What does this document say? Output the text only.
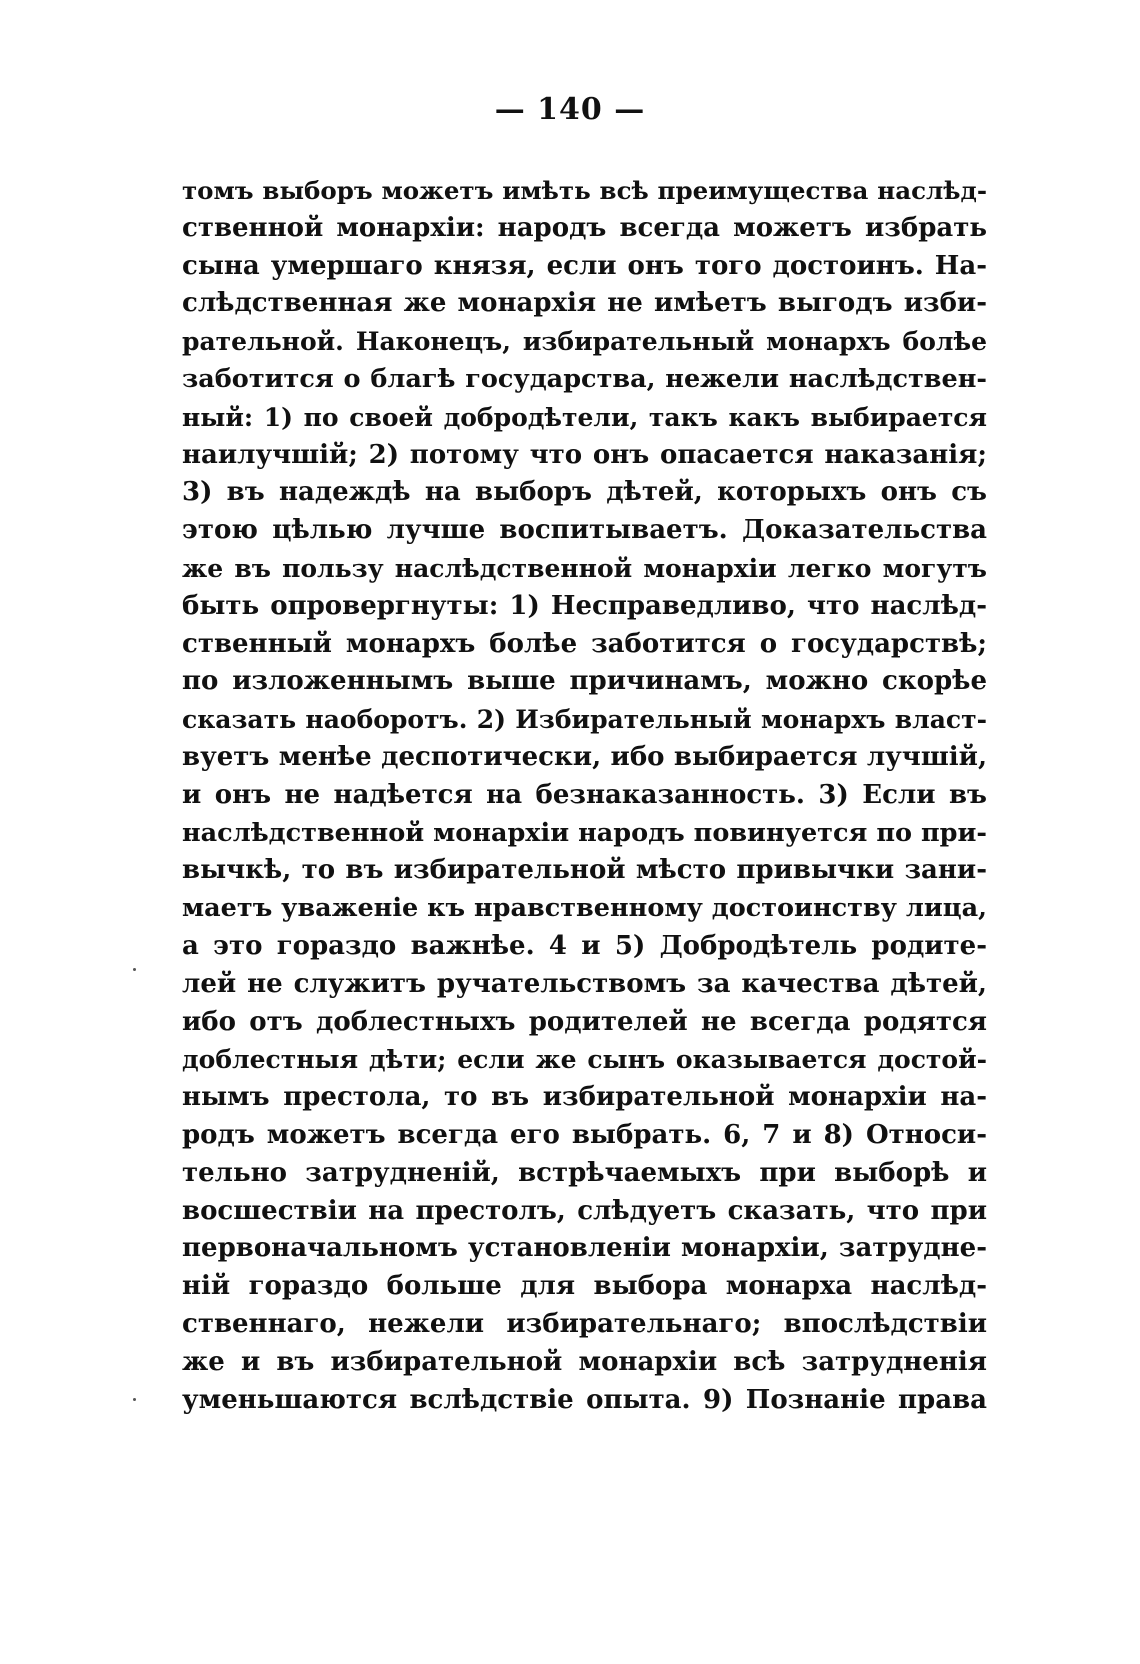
— 140 —
томъ выборъ можетъ имѣть всѣ преимущества наслѣд-
ственной монархіи: народъ всегда можетъ избрать
сына умершаго князя, если онъ того достоинъ. На-
слѣдственная же монархія не имѣетъ выгодъ изби-
рательной. Наконецъ, избирательный монархъ болѣе
заботится о благѣ государства, нежели наслѣдствен-
ный: 1) по своей добродѣтели, такъ какъ выбирается
наилучшій; 2) потому что онъ опасается наказанія;
3) въ надеждѣ на выборъ дѣтей, которыхъ онъ съ
этою цѣлью лучше воспитываетъ. Доказательства
же въ пользу наслѣдственной монархіи легко могутъ
быть опровергнуты: 1) Несправедливо, что наслѣд-
ственный монархъ болѣе заботится о государствѣ;
по изложеннымъ выше причинамъ, можно скорѣе
сказать наоборотъ. 2) Избирательный монархъ власт-
вуетъ менѣе деспотически, ибо выбирается лучшій,
и онъ не надѣется на безнаказанность. 3) Если въ
наслѣдственной монархіи народъ повинуется по при-
вычкѣ, то въ избирательной мѣсто привычки зани-
маетъ уваженіе къ нравственному достоинству лица,
а это гораздо важнѣе. 4 и 5) Добродѣтель родите-
лей не служитъ ручательствомъ за качества дѣтей,
ибо отъ доблестныхъ родителей не всегда родятся
доблестныя дѣти; если же сынъ оказывается достой-
нымъ престола, то въ избирательной монархіи на-
родъ можетъ всегда его выбрать. 6, 7 и 8) Относи-
тельно затрудненій, встрѣчаемыхъ при выборѣ и
восшествіи на престолъ, слѣдуетъ сказать, что при
первоначальномъ установленіи монархіи, затрудне-
ній гораздо больше для выбора монарха наслѣд-
ственнаго, нежели избирательнаго; впослѣдствіи
же и въ избирательной монархіи всѣ затрудненія
уменьшаются вслѣдствіе опыта. 9) Познаніе права
